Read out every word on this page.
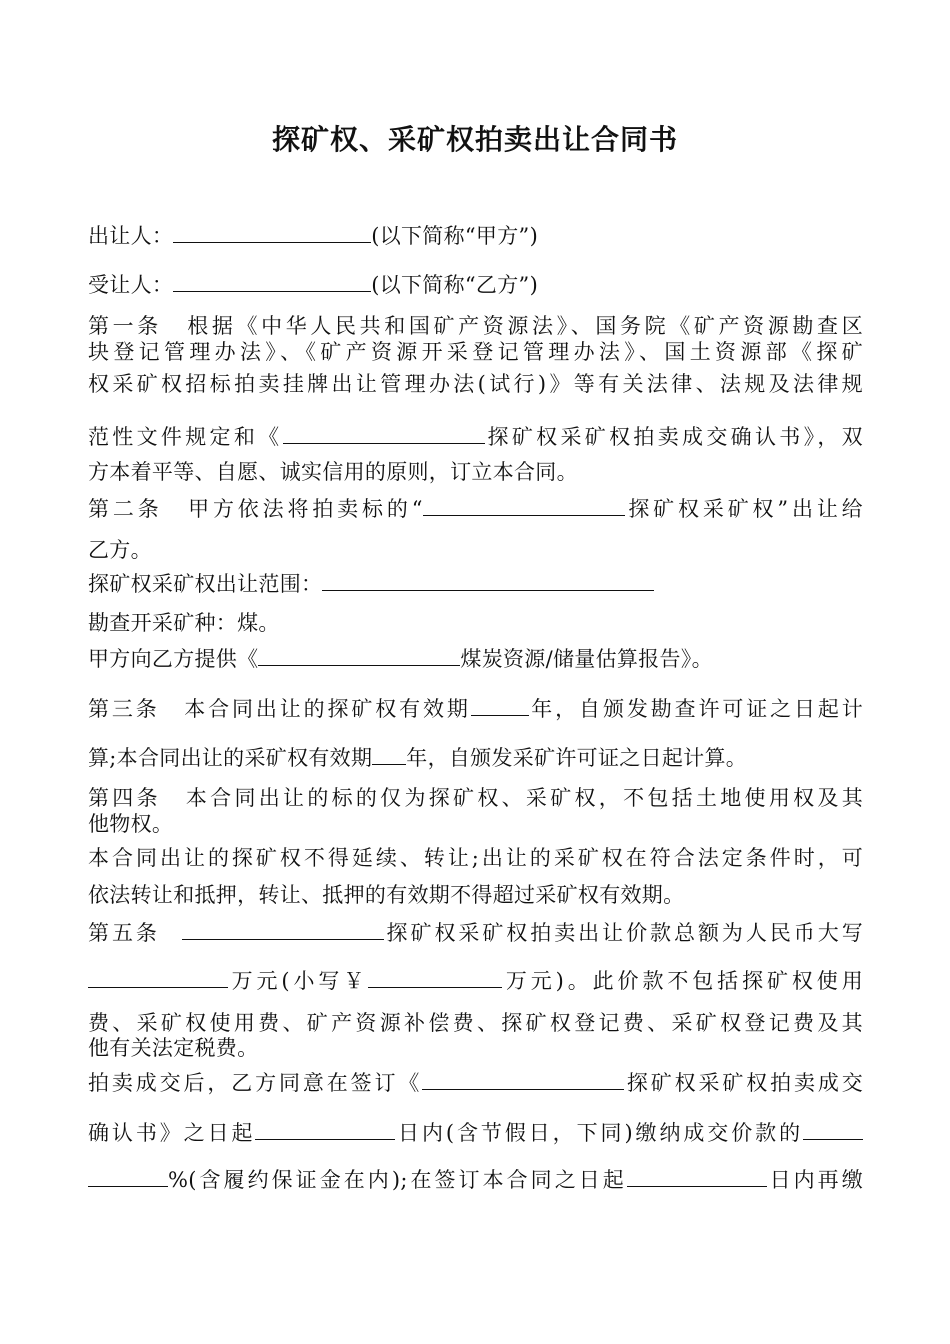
探矿权、采矿权拍卖出让合同书
出让人：	(以下简称“甲方”)
受让人：	(以下简称“乙方”)
第一条 根据《中华人民共和国矿产资源法》、国务院《矿产资源勘查区
块登记管理办法》、《矿产资源开采登记管理办法》、国土资源部《探矿
权采矿权招标拍卖挂牌出让管理办法(试行)》等有关法律、法规及法律规
范性文件规定和《	探矿权采矿权拍卖成交确认书》，双
方本着平等、自愿、诚实信用的原则，订立本合同。
第二条 甲方依法将拍卖标的“	探矿权采矿权”出让给
乙方。
探矿权采矿权出让范围：
勘查开采矿种：煤。
甲方向乙方提供《	煤炭资源/储量估算报告》。
第三条 本合同出让的探矿权有效期	年，自颁发勘查许可证之日起计
算;本合同出让的采矿权有效期 年，自颁发采矿许可证之日起计算。
第四条 本合同出让的标的仅为探矿权、采矿权，不包括土地使用权及其
他物权。
本合同出让的探矿权不得延续、转让;出让的采矿权在符合法定条件时，可
依法转让和抵押，转让、抵押的有效期不得超过采矿权有效期。
第五条	探矿权采矿权拍卖出让价款总额为人民币大写
万元(小写￥	万元)。此价款不包括探矿权使用
费、采矿权使用费、矿产资源补偿费、探矿权登记费、采矿权登记费及其
他有关法定税费。
拍卖成交后，乙方同意在签订《	探矿权采矿权拍卖成交
确认书》之日起	日内(含节假日，下同)缴纳成交价款的
%(含履约保证金在内);在签订本合同之日起	日内再缴
